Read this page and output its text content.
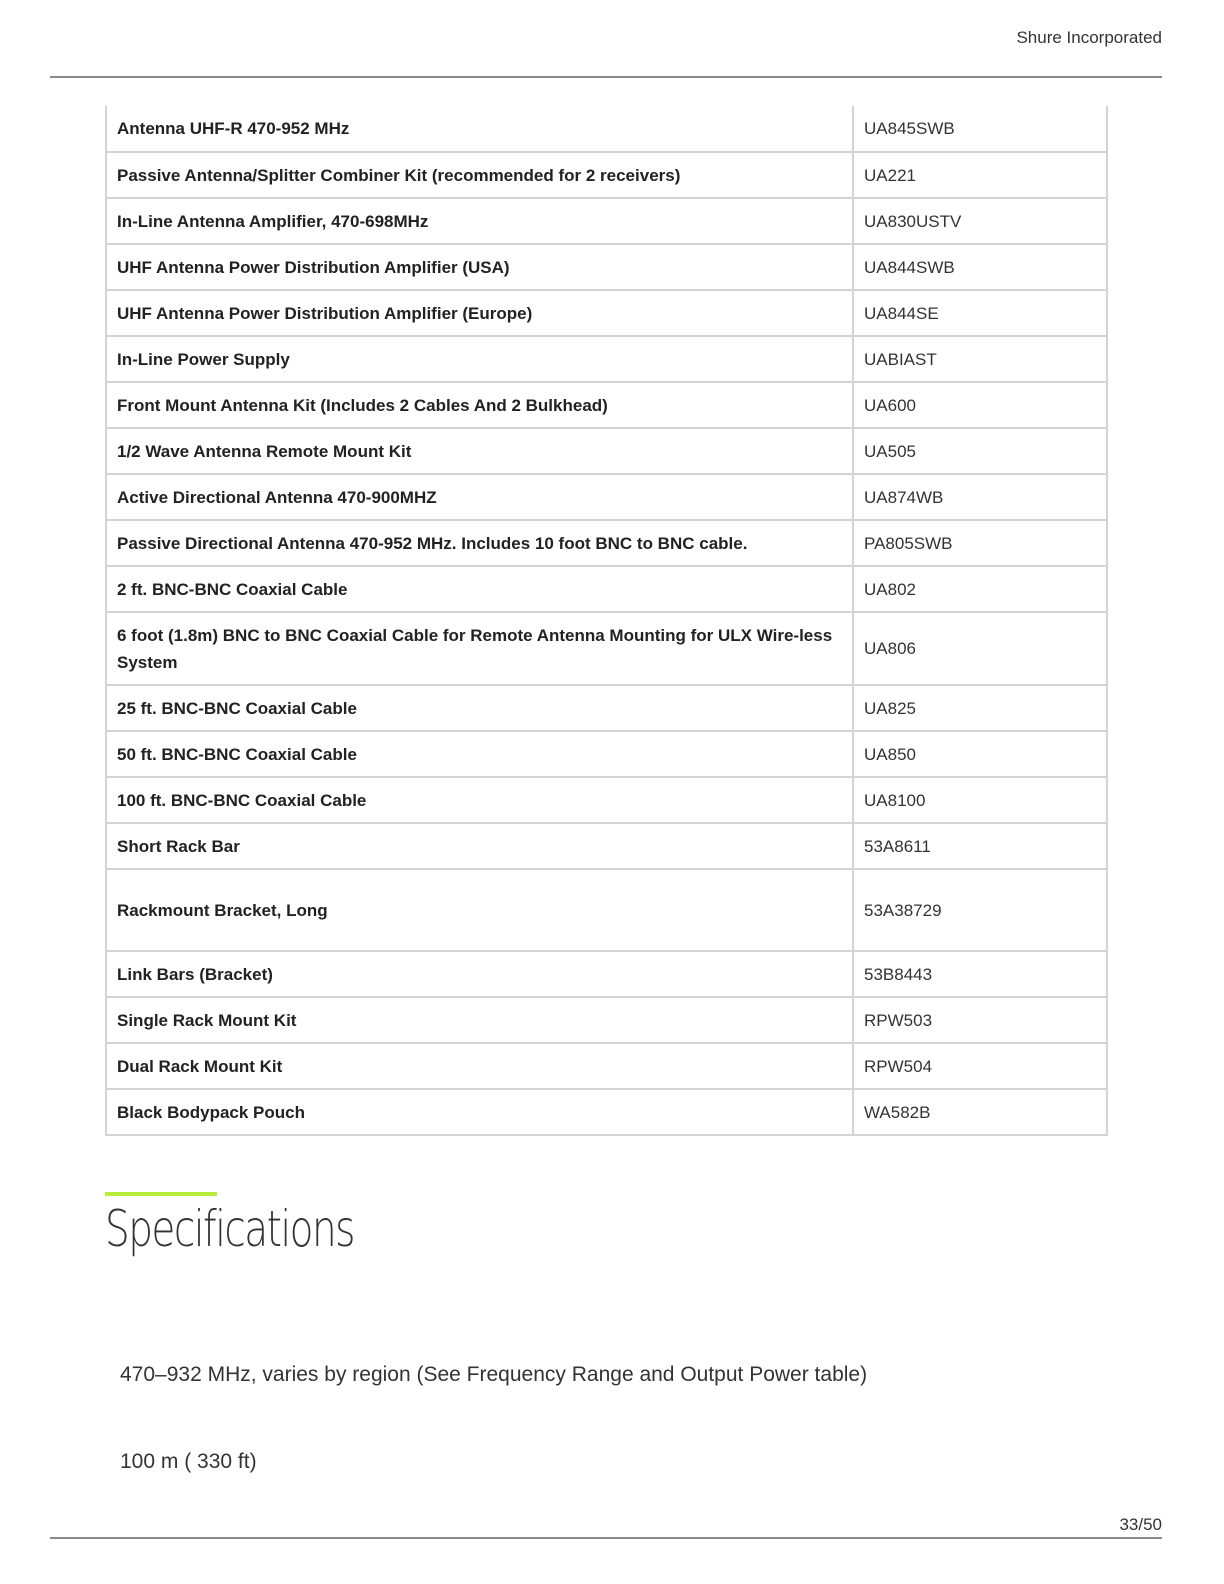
Shure Incorporated
Antenna UHF-R 470-952 MHz	UA845SWB
Passive Antenna/Splitter Combiner Kit (recommended for 2 receivers)	UA221
In-Line Antenna Amplifier, 470-698MHz	UA830USTV
UHF Antenna Power Distribution Amplifier (USA)	UA844SWB
UHF Antenna Power Distribution Amplifier (Europe)	UA844SE
In-Line Power Supply	UABIAST
Front Mount Antenna Kit (Includes 2 Cables And 2 Bulkhead)	UA600
1/2 Wave Antenna Remote Mount Kit	UA505
Active Directional Antenna 470-900MHZ	UA874WB
Passive Directional Antenna 470-952 MHz. Includes 10 foot BNC to BNC cable.	PA805SWB
2 ft. BNC-BNC Coaxial Cable	UA802
6 foot (1.8m) BNC to BNC Coaxial Cable for Remote Antenna Mounting for ULX Wire-less System	UA806
25 ft. BNC-BNC Coaxial Cable	UA825
50 ft. BNC-BNC Coaxial Cable	UA850
100 ft. BNC-BNC Coaxial Cable	UA8100
Short Rack Bar	53A8611
Rackmount Bracket, Long	53A38729
Link Bars (Bracket)	53B8443
Single Rack Mount Kit	RPW503
Dual Rack Mount Kit	RPW504
Black Bodypack Pouch	WA582B
Specifications
470–932 MHz, varies by region (See Frequency Range and Output Power table)
100 m ( 330 ft)
33/50
